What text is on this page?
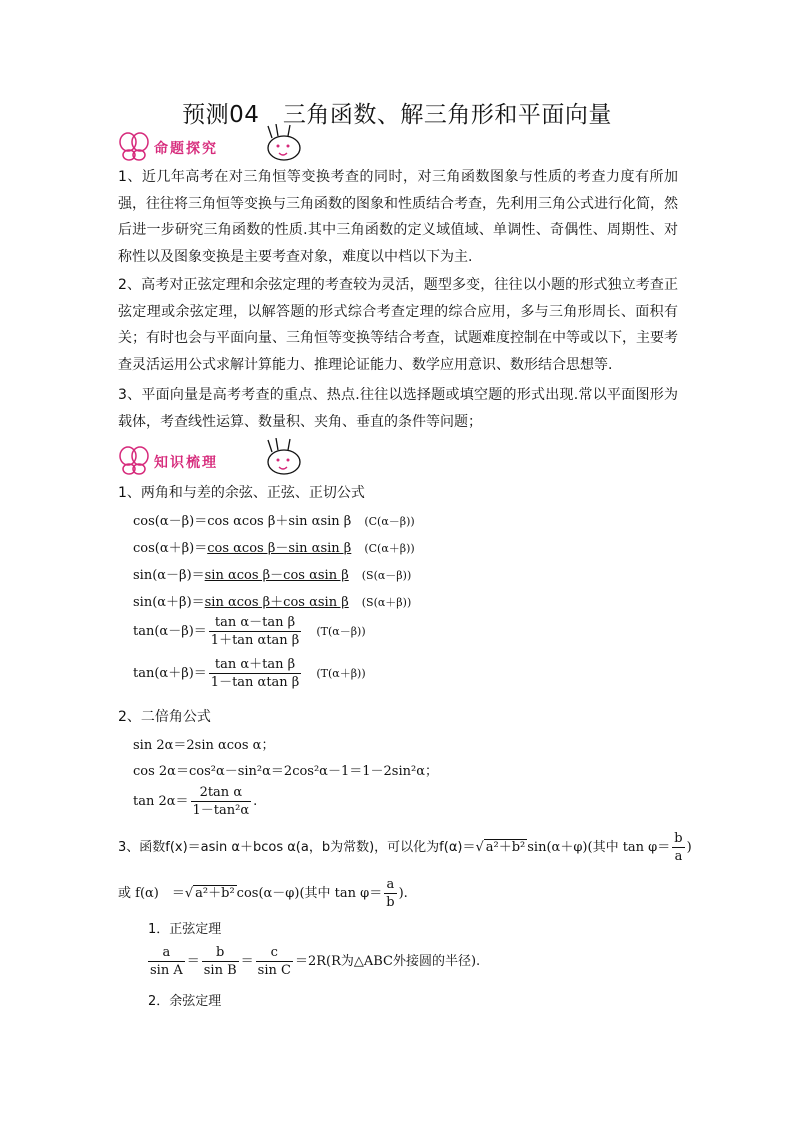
预测04　三角函数、解三角形和平面向量
命题探究
1、近几年高考在对三角恒等变换考查的同时，对三角函数图象与性质的考查力度有所加强，往往将三角恒等变换与三角函数的图象和性质结合考查，先利用三角公式进行化简，然后进一步研究三角函数的性质.其中三角函数的定义域值域、单调性、奇偶性、周期性、对称性以及图象变换是主要考查对象，难度以中档以下为主.
2、高考对正弦定理和余弦定理的考查较为灵活，题型多变，往往以小题的形式独立考查正弦定理或余弦定理，以解答题的形式综合考查定理的综合应用，多与三角形周长、面积有关；有时也会与平面向量、三角恒等变换等结合考查，试题难度控制在中等或以下，主要考查灵活运用公式求解计算能力、推理论证能力、数学应用意识、数形结合思想等.
3、平面向量是高考考查的重点、热点.往往以选择题或填空题的形式出现.常以平面图形为载体，考查线性运算、数量积、夹角、垂直的条件等问题；
知识梳理
1、两角和与差的余弦、正弦、正切公式
cos(α－β)＝cos αcos β＋sin αsin β　 (C(α－β))
cos(α＋β)＝cos αcos β－sin αsin β　 (C(α＋β))
sin(α－β)＝sin αcos β－cos αsin β　 (S(α－β))
sin(α＋β)＝sin αcos β＋cos αsin β　 (S(α＋β))
$\tan(\alpha-\beta)= \frac{\text{tan α－tan β}}{\text{1＋tan αtan β}}$
　 (T(α－β))
$\tan(\alpha+\beta)= \frac{\text{tan α＋tan β}}{\text{1－tan αtan β}}$
　 (T(α＋β))
2、二倍角公式
sin 2α＝2sin αcos α；
cos 2α＝cos²α－sin²α＝2cos²α－1＝1－2sin²α；
$\tan 2\alpha= \frac{\text{2tan α}}{\text{1－tan²α}}$ .
3、函数f(x)＝asin α＋bcos α(a，b为常数)，可以化为f(α)＝√ a²＋b² sin(α＋φ)(其中 $\tan \varphi= \frac{b}{a}$ )
或 f(α)　＝√ a²＋b² cos(α－φ)(其中 $\tan \varphi= \frac{a}{b}$ ).
1．正弦定理
$\frac{a}{\text{sin A}} = \frac{b}{\text{sin B}} = \frac{c}{\text{sin C}} =2R(R$为△ABC外接圆的半径).
2．余弦定理
